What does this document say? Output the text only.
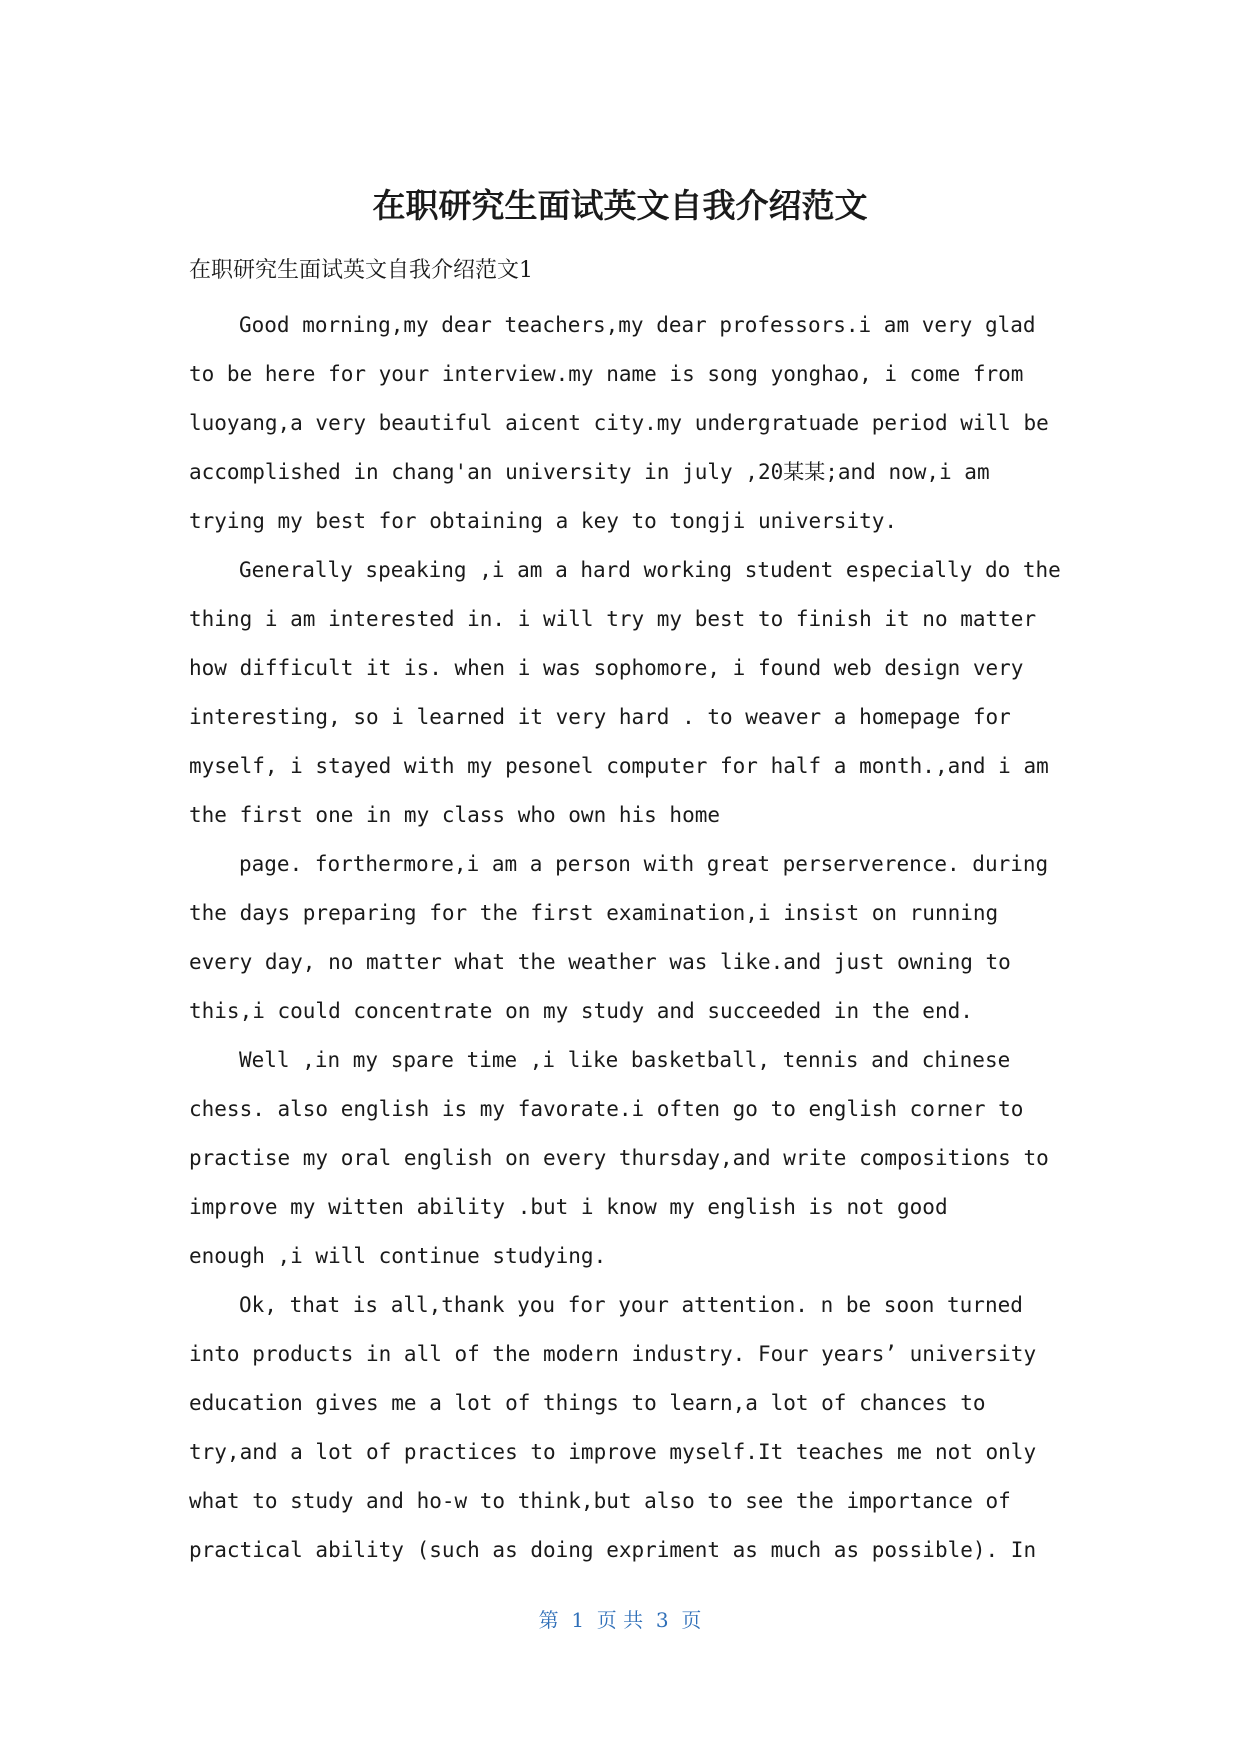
在职研究生面试英文自我介绍范文

在职研究生面试英文自我介绍范文1

Good morning,my dear teachers,my dear professors.i am very glad

to be here for your interview.my name is song yonghao, i come from

luoyang,a very beautiful aicent city.my undergratuade period will be

accomplished in chang'an university in july ,20某某;and now,i am

trying my best for obtaining a key to tongji university.

Generally speaking ,i am a hard working student especially do the

thing i am interested in. i will try my best to finish it no matter

how difficult it is. when i was sophomore, i found web design very

interesting, so i learned it very hard . to weaver a homepage for

myself, i stayed with my pesonel computer for half a month.,and i am

the first one in my class who own his home

page. forthermore,i am a person with great perserverence. during

the days preparing for the first examination,i insist on running

every day, no matter what the weather was like.and just owning to

this,i could concentrate on my study and succeeded in the end.

Well ,in my spare time ,i like basketball, tennis and chinese

chess. also english is my favorate.i often go to english corner to

practise my oral english on every thursday,and write compositions to

improve my witten ability .but i know my english is not good

enough ,i will continue studying.

Ok, that is all,thank you for your attention. n be soon turned

into products in all of the modern industry. Four years’ university

education gives me a lot of things to learn,a lot of chances to

try,and a lot of practices to improve myself.It teaches me not only

what to study and ho-w to think,but also to see the importance of

practical ability (such as doing expriment as much as possible). In

第  1  页 共  3  页
